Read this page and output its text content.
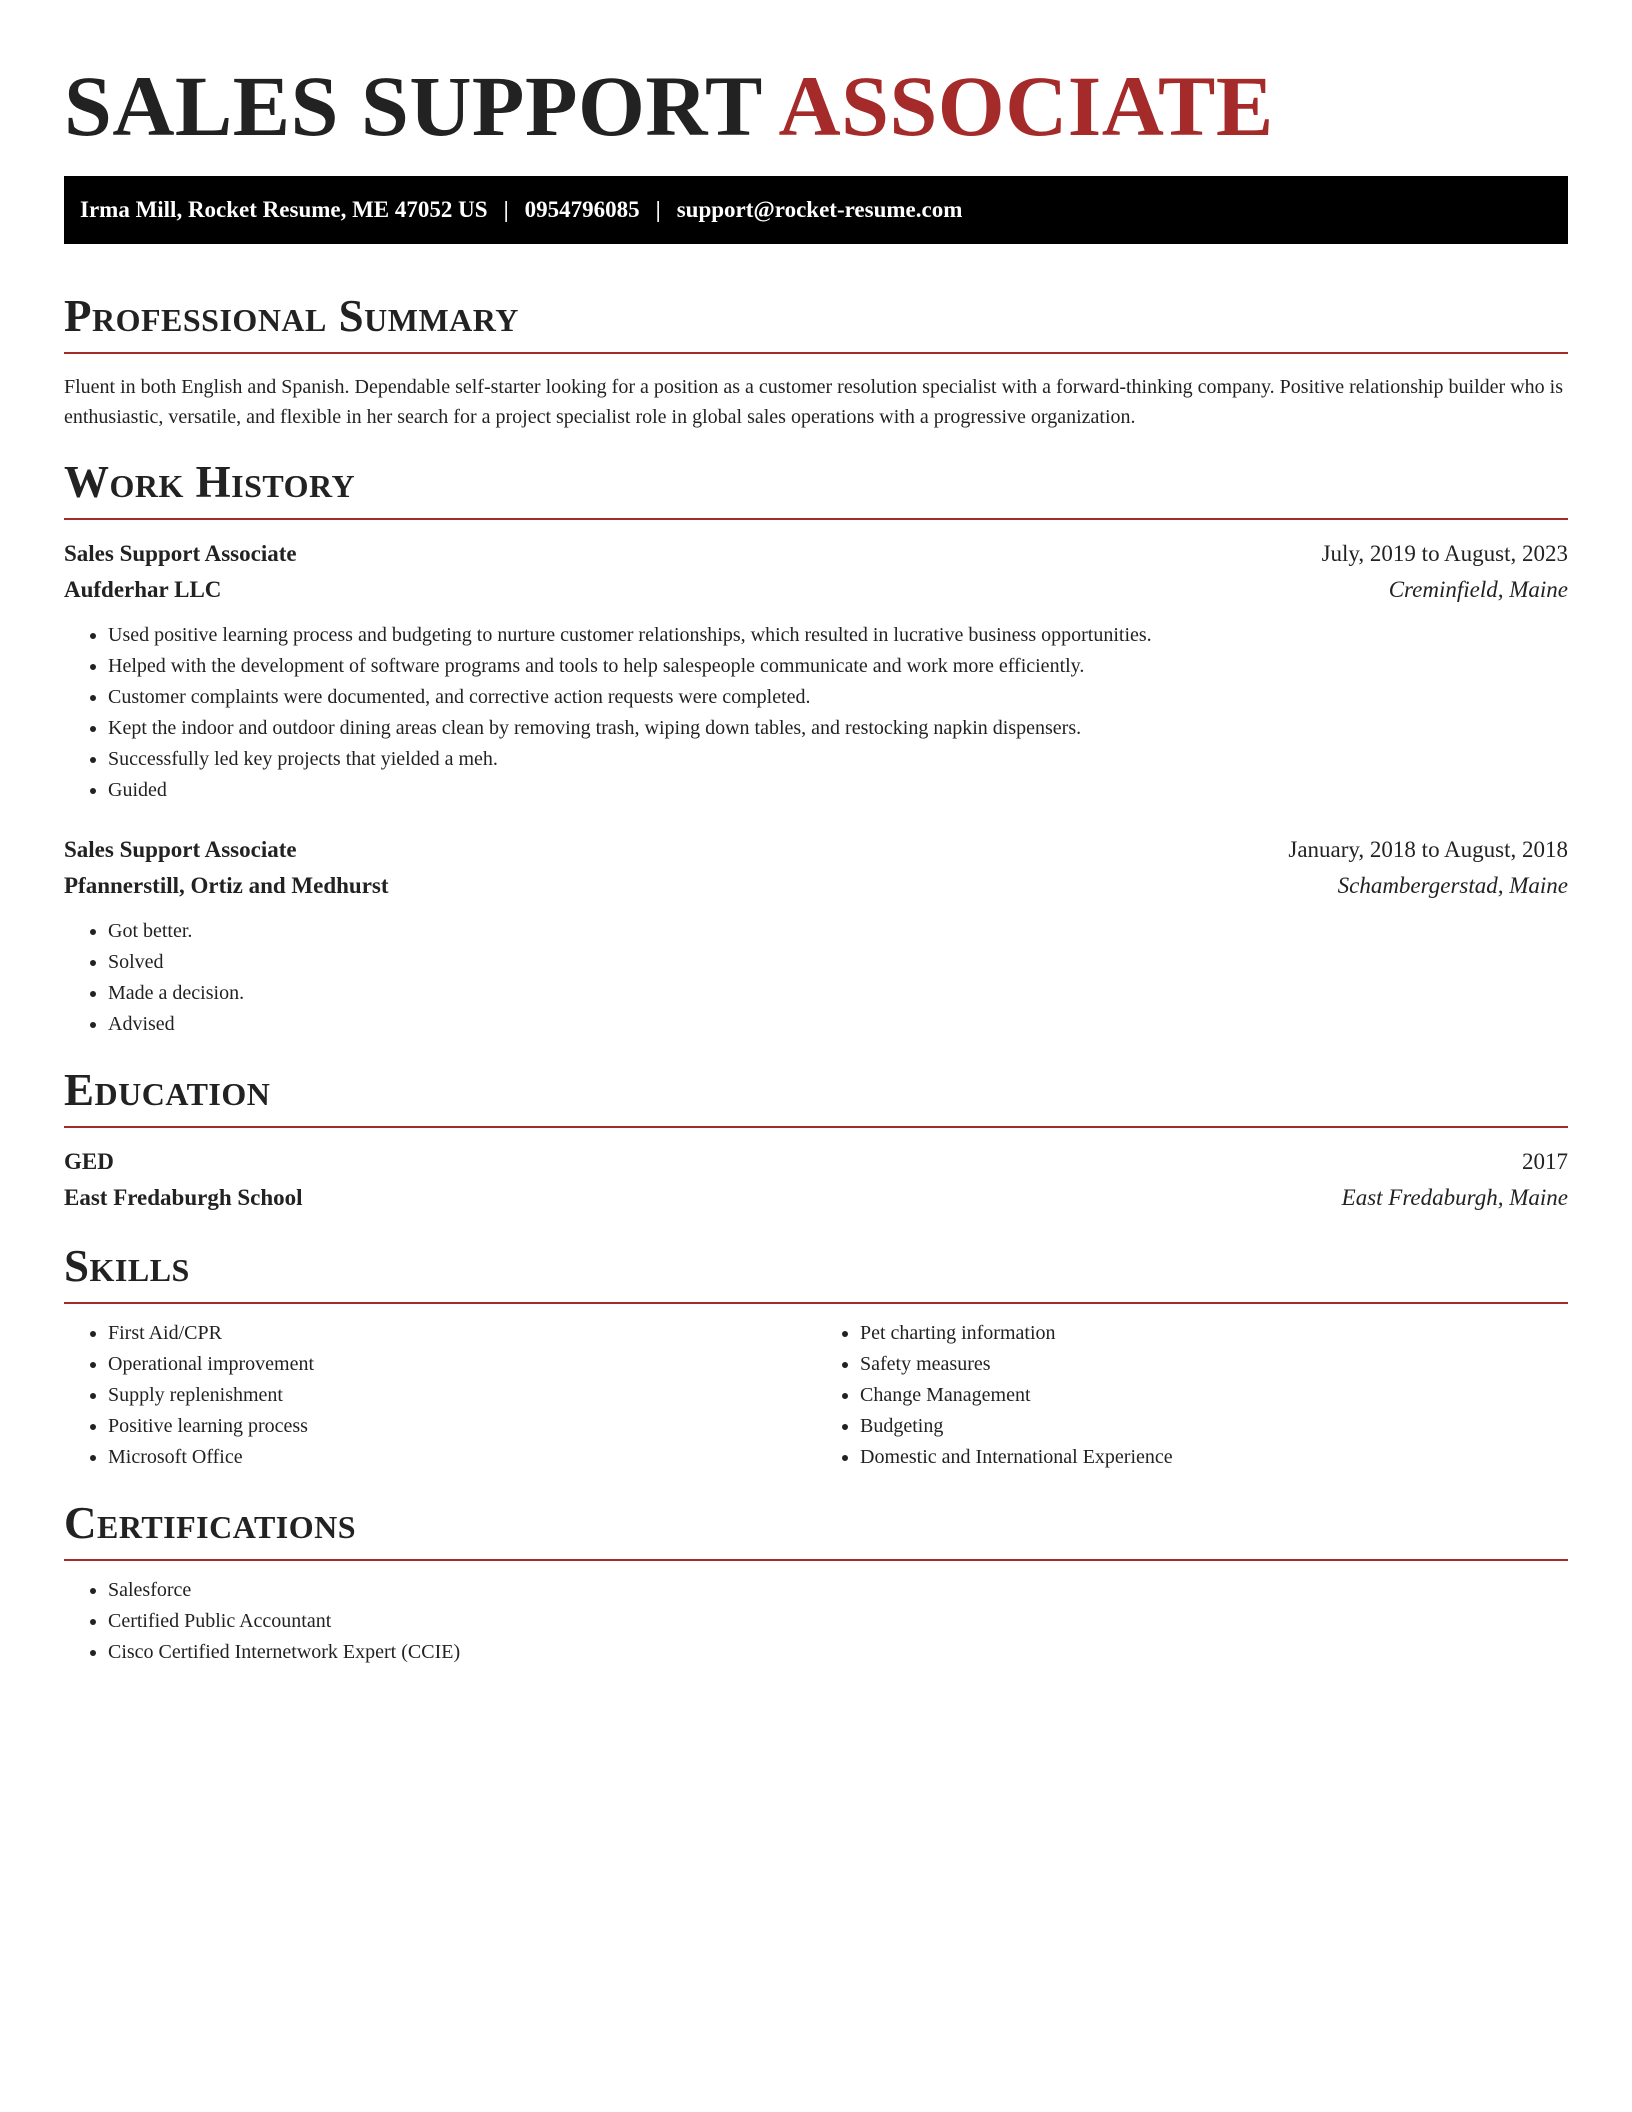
SALES SUPPORT ASSOCIATE
Irma Mill, Rocket Resume, ME 47052 US | 0954796085 | support@rocket-resume.com
Professional Summary
Fluent in both English and Spanish. Dependable self-starter looking for a position as a customer resolution specialist with a forward-thinking company. Positive relationship builder who is enthusiastic, versatile, and flexible in her search for a project specialist role in global sales operations with a progressive organization.
Work History
Sales Support Associate	July, 2019 to August, 2023
Aufderhar LLC	Creminfield, Maine
• Used positive learning process and budgeting to nurture customer relationships, which resulted in lucrative business opportunities.
• Helped with the development of software programs and tools to help salespeople communicate and work more efficiently.
• Customer complaints were documented, and corrective action requests were completed.
• Kept the indoor and outdoor dining areas clean by removing trash, wiping down tables, and restocking napkin dispensers.
• Successfully led key projects that yielded a meh.
• Guided
Sales Support Associate	January, 2018 to August, 2018
Pfannerstill, Ortiz and Medhurst	Schambergerstad, Maine
• Got better.
• Solved
• Made a decision.
• Advised
Education
GED	2017
East Fredaburgh School	East Fredaburgh, Maine
Skills
• First Aid/CPR
• Operational improvement
• Supply replenishment
• Positive learning process
• Microsoft Office
• Pet charting information
• Safety measures
• Change Management
• Budgeting
• Domestic and International Experience
Certifications
• Salesforce
• Certified Public Accountant
• Cisco Certified Internetwork Expert (CCIE)
